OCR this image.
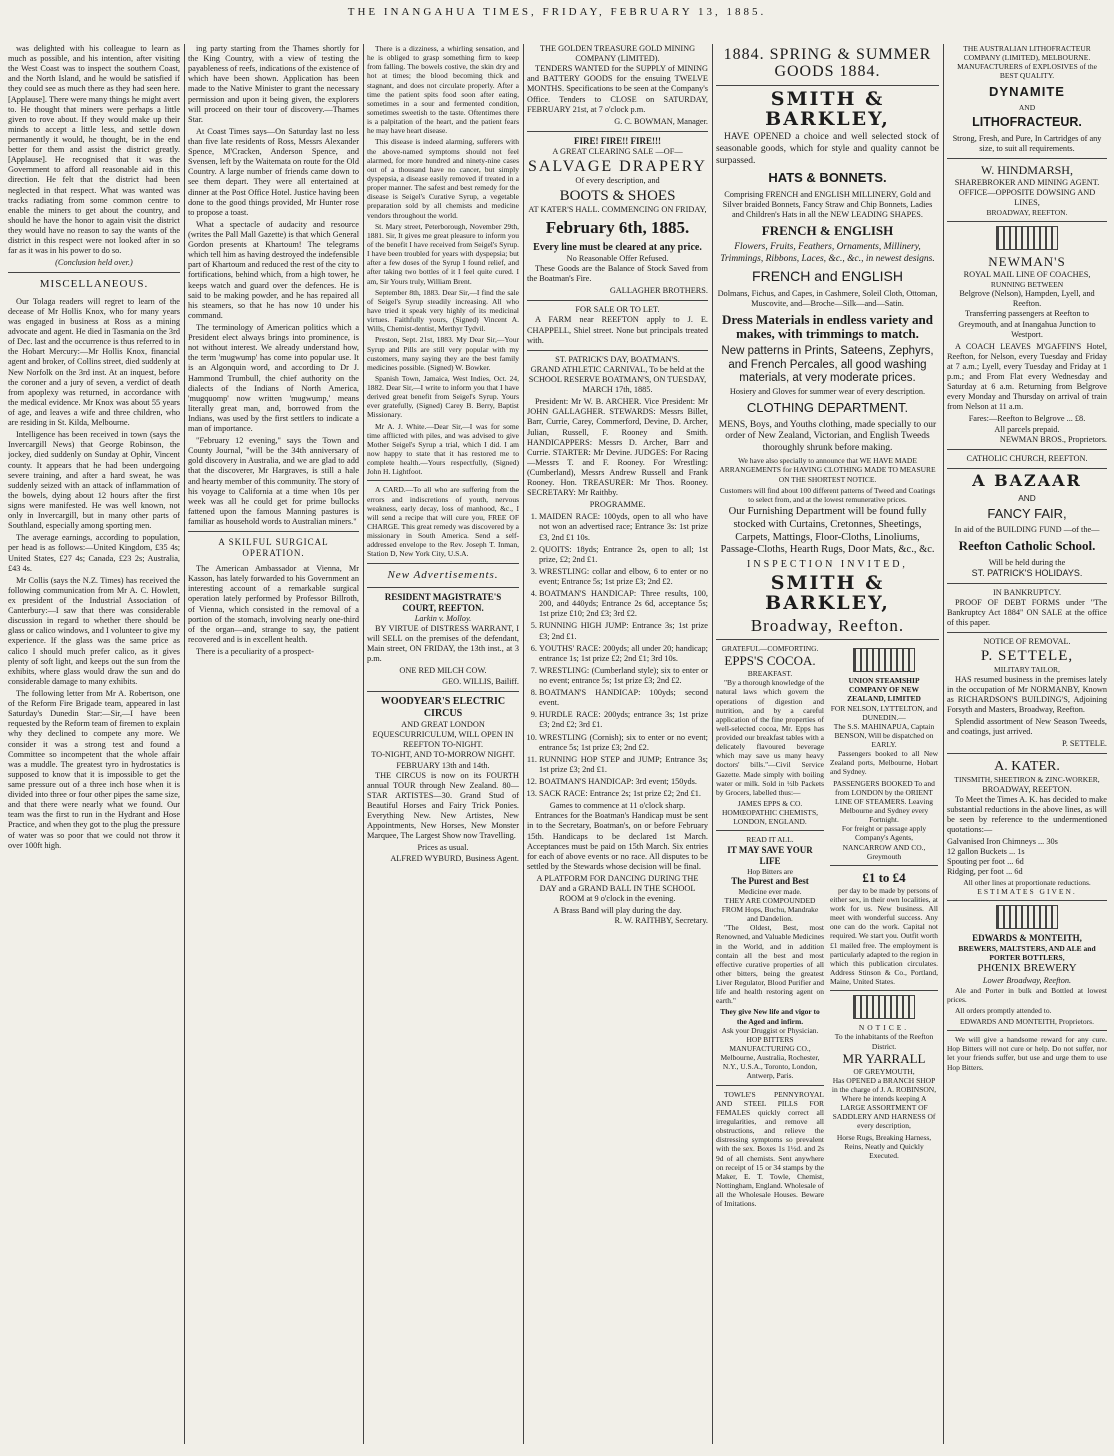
THE INANGAHUA TIMES, FRIDAY, FEBRUARY 13, 1885.

was delighted with his colleague to learn as much as possible, and his intention, after visiting the West Coast was to inspect the southern Coast, and the North Island, and he would be satisfied if they could see as much there as they had seen here. [Applause]. There were many things he might avert to. He thought that miners were perhaps a little given to rove about. If they would make up their minds to accept a little less, and settle down permanently it would, he thought, be in the end better for them and assist the district greatly. [Applause]. He recognised that it was the Government to afford all reasonable aid in this direction. He felt that the district had been neglected in that respect. What was wanted was tracks radiating from some common centre to enable the miners to get about the country, and should he have the honor to again visit the district they would have no reason to say the wants of the district in this respect were not looked after in so far as it was in his power to do so.

(Conclusion held over.)

MISCELLANEOUS.

Our Tolaga readers will regret to learn of the decease of Mr Hollis Knox, who for many years was engaged in business at Ross as a mining advocate and agent. He died in Tasmania on the 3rd of Dec. last and the occurrence is thus referred to in the Hobart Mercury:—Mr Hollis Knox, financial agent and broker, of Collins street, died suddenly at New Norfolk on the 3rd inst. At an inquest, before the coroner and a jury of seven, a verdict of death from apoplexy was returned, in accordance with the medical evidence. Mr Knox was about 55 years of age, and leaves a wife and three children, who are residing in St. Kilda, Melbourne.

Intelligence has been received in town (says the Invercargill News) that George Robinson, the jockey, died suddenly on Sunday at Ophir, Vincent county. It appears that he had been undergoing severe training, and after a hard sweat, he was suddenly seized with an attack of inflammation of the bowels, dying about 12 hours after the first signs were manifested. He was well known, not only in Invercargill, but in many other parts of Southland, especially among sporting men.

The average earnings, according to population, per head is as follows:—United Kingdom, £35 4s; United States, £27 4s; Canada, £23 2s; Australia, £43 4s.

Mr Collis (says the N.Z. Times) has received the following communication from Mr A. C. Howlett, ex president of the Industrial Association of Canterbury:—I saw that there was considerable discussion in regard to whether there should be glass or calico windows, and I volunteer to give my experience. If the glass was the same price as calico I should much prefer calico, as it gives plenty of soft light, and keeps out the sun from the exhibits, where glass would draw the sun and do considerable damage to many exhibits.

The following letter from Mr A. Robertson, one of the Reform Fire Brigade team, appeared in last Saturday's Dunedin Star:—Sir,—I have been requested by the Reform team of firemen to explain why they declined to compete any more. We consider it was a strong test and found a Committee so incompetent that the whole affair was a muddle. The greatest tyro in hydrostatics is supposed to know that it is impossible to get the same pressure out of a three inch hose when it is divided into three or four other pipes the same size, and that there were nearly what we found. Our team was the first to run in the Hydrant and Hose Practice, and when they got to the plug the pressure of water was so poor that we could not throw it over 100ft high.

ing party starting from the Thames shortly for the King Country, with a view of testing the payableness of reefs, indications of the existence of which have been shown. Application has been made to the Native Minister to grant the necessary permission and upon it being given, the explorers will proceed on their tour of discovery.—Thames Star.

At Coast Times says—On Saturday last no less than five late residents of Ross, Messrs Alexander Spence, M'Cracken, Anderson Spence, and Svensen, left by the Waitemata on route for the Old Country. A large number of friends came down to see them depart. They were all entertained at dinner at the Post Office Hotel. Justice having been done to the good things provided, Mr Hunter rose to propose a toast.

What a spectacle of audacity and resource (writes the Pall Mall Gazette) is that which General Gordon presents at Khartoum! The telegrams which tell him as having destroyed the indefensible part of Khartoum and reduced the rest of the city to fortifications, behind which, from a high tower, he keeps watch and guard over the defences. He is said to be making powder, and he has repaired all his steamers, so that he has now 10 under his command.

The terminology of American politics which a President elect always brings into prominence, is not without interest. We already understand how, the term 'mugwump' has come into popular use. It is an Algonquin word, and according to Dr J. Hammond Trumbull, the chief authority on the dialects of the Indians of North America, 'mugquomp' now written 'mugwump,' means literally great man, and, borrowed from the Indians, was used by the first settlers to indicate a man of importance.

"February 12 evening," says the Town and County Journal, "will be the 34th anniversary of gold discovery in Australia, and we are glad to add that the discoverer, Mr Hargraves, is still a hale and hearty member of this community. The story of his voyage to California at a time when 10s per week was all he could get for prime bullocks fattened upon the famous Manning pastures is familiar as household words to Australian miners."

A SKILFUL SURGICAL OPERATION.

The American Ambassador at Vienna, Mr Kasson, has lately forwarded to his Government an interesting account of a remarkable surgical operation lately performed by Professor Billroth, of Vienna, which consisted in the removal of a portion of the stomach, involving nearly one-third of the organ—and, strange to say, the patient recovered and is in excellent health.

There is a peculiarity of a prospect-

There is a dizziness, a whirling sensation, and he is obliged to grasp something firm to keep from falling. The bowels costive, the skin dry and hot at times; the blood becoming thick and stagnant, and does not circulate properly. After a time the patient spits food soon after eating, sometimes in a sour and fermented condition, sometimes sweetish to the taste. Oftentimes there is a palpitation of the heart, and the patient fears he may have heart disease.

This disease is indeed alarming, sufferers with the above-named symptoms should not feel alarmed, for more hundred and ninety-nine cases out of a thousand have no cancer, but simply dyspepsia, a disease easily removed if treated in a proper manner. The safest and best remedy for the disease is Seigel's Curative Syrup, a vegetable preparation sold by all chemists and medicine vendors throughout the world.

St. Mary street, Peterborough, November 29th, 1881. Sir, It gives me great pleasure to inform you of the benefit I have received from Seigel's Syrup. I have been troubled for years with dyspepsia; but after a few doses of the Syrup I found relief, and after taking two bottles of it I feel quite cured. I am, Sir Yours truly, William Brent.

September 8th, 1883. Dear Sir,—I find the sale of Seigel's Syrup steadily increasing. All who have tried it speak very highly of its medicinal virtues. Faithfully yours, (Signed) Vincent A. Wills, Chemist-dentist, Merthyr Tydvil.

Preston, Sept. 21st, 1883. My Dear Sir,—Your Syrup and Pills are still very popular with my customers, many saying they are the best family medicines possible. (Signed) W. Bowker.

Spanish Town, Jamaica, West Indies, Oct. 24, 1882. Dear Sir,—I write to inform you that I have derived great benefit from Seigel's Syrup. Yours ever gratefully, (Signed) Carey B. Berry, Baptist Missionary.

Mr A. J. White.—Dear Sir,—I was for some time afflicted with piles, and was advised to give Mother Seigel's Syrup a trial, which I did. I am now happy to state that it has restored me to complete health.—Yours respectfully, (Signed) John H. Lightfoot.

A CARD.—To all who are suffering from the errors and indiscretions of youth, nervous weakness, early decay, loss of manhood, &c., I will send a recipe that will cure you, FREE OF CHARGE. This great remedy was discovered by a missionary in South America. Send a self-addressed envelope to the Rev. Joseph T. Inman, Station D, New York City, U.S.A.

New Advertisements.
RESIDENT MAGISTRATE'S COURT, REEFTON.
Larkin v. Molloy.

BY VIRTUE of DISTRESS WARRANT, I will SELL on the premises of the defendant, Main street, ON FRIDAY, the 13th inst., at 3 p.m.

ONE RED MILCH COW.
GEO. WILLIS, Bailiff.
WOODYEAR'S ELECTRIC CIRCUS
AND GREAT LONDON EQUESCURRICULUM, WILL OPEN IN REEFTON TO-NIGHT.
TO-NIGHT, AND TO-MORROW NIGHT. FEBRUARY 13th and 14th.

THE CIRCUS is now on its FOURTH annual TOUR through New Zealand. 80—STAR ARTISTES—30. Grand Stud of Beautiful Horses and Fairy Trick Ponies. Everything New. New Artistes, New Appointments, New Horses, New Monster Marquee, The Largest Show now Travelling.

Prices as usual.
ALFRED WYBURD, Business Agent.
THE GOLDEN TREASURE GOLD MINING COMPANY (LIMITED).

TENDERS WANTED for the SUPPLY of MINING and BATTERY GOODS for the ensuing TWELVE MONTHS. Specifications to be seen at the Company's Office. Tenders to CLOSE on SATURDAY, FEBRUARY 21st, at 7 o'clock p.m.

G. C. BOWMAN, Manager.
FIRE! FIRE!! FIRE!!!
A GREAT CLEARING SALE —OF—
SALVAGE DRAPERY
Of every description, and
BOOTS & SHOES
AT KATER'S HALL. COMMENCING ON FRIDAY,
February 6th, 1885.
Every line must be cleared at any price.
No Reasonable Offer Refused.

These Goods are the Balance of Stock Saved from the Boatman's Fire.

GALLAGHER BROTHERS.
FOR SALE OR TO LET.

A FARM near REEFTON apply to J. E. CHAPPELL, Shiel street. None but principals treated with.

ST. PATRICK'S DAY, BOATMAN'S.

GRAND ATHLETIC CARNIVAL, To be held at the SCHOOL RESERVE BOATMAN'S, ON TUESDAY, MARCH 17th, 1885.

President: Mr W. B. ARCHER. Vice President: Mr JOHN GALLAGHER. STEWARDS: Messrs Billet, Barr, Currie, Carey, Commerford, Devine, D. Archer, Julian, Russell, F. Rooney and Smith. HANDICAPPERS: Messrs D. Archer, Barr and Currie. STARTER: Mr Devine. JUDGES: For Racing—Messrs T. and F. Rooney. For Wrestling: (Cumberland), Messrs Andrew Russell and Frank Rooney. Hon. TREASURER: Mr Thos. Rooney. SECRETARY: Mr Raithby.

PROGRAMME.
1. MAIDEN RACE: 100yds, open to all who have not won an advertised race; Entrance 3s: 1st prize £3, 2nd £1 10s.
2. QUOITS: 18yds; Entrance 2s, open to all; 1st prize, £2; 2nd £1.
3. WRESTLING: collar and elbow, 6 to enter or no event; Entrance 5s; 1st prize £3; 2nd £2.
4. BOATMAN'S HANDICAP: Three results, 100, 200, and 440yds; Entrance 2s 6d, acceptance 5s; 1st prize £10; 2nd £3; 3rd £2.
5. RUNNING HIGH JUMP: Entrance 3s; 1st prize £3; 2nd £1.
6. YOUTHS' RACE: 200yds; all under 20; handicap; entrance 1s; 1st prize £2; 2nd £1; 3rd 10s.
7. WRESTLING: (Cumberland style); six to enter or no event; entrance 5s; 1st prize £3; 2nd £2.
8. BOATMAN'S HANDICAP: 100yds; second event.
9. HURDLE RACE: 200yds; entrance 3s; 1st prize £3; 2nd £2; 3rd £1.
10. WRESTLING (Cornish); six to enter or no event; entrance 5s; 1st prize £3; 2nd £2.
11. RUNNING HOP STEP and JUMP; Entrance 3s; 1st prize £3; 2nd £1.
12. BOATMAN'S HANDICAP: 3rd event; 150yds.
13. SACK RACE: Entrance 2s; 1st prize £2; 2nd £1.
Games to commence at 11 o'clock sharp.

Entrances for the Boatman's Handicap must be sent in to the Secretary, Boatman's, on or before February 15th. Handicaps to be declared 1st March. Acceptances must be paid on 15th March. Six entries for each of above events or no race. All disputes to be settled by the Stewards whose decision will be final.

A PLATFORM FOR DANCING DURING THE DAY and a GRAND BALL IN THE SCHOOL ROOM at 9 o'clock in the evening.

A Brass Band will play during the day.
R. W. RAITHBY, Secretary.
1884. SPRING & SUMMER GOODS 1884.
SMITH & BARKLEY,

HAVE OPENED a choice and well selected stock of seasonable goods, which for style and quality cannot be surpassed.

HATS & BONNETS.

Comprising FRENCH and ENGLISH MILLINERY, Gold and Silver braided Bonnets, Fancy Straw and Chip Bonnets, Ladies and Children's Hats in all the NEW LEADING SHAPES.

FRENCH & ENGLISH

Flowers, Fruits, Feathers, Ornaments, Millinery, Trimmings, Ribbons, Laces, &c., &c., in newest designs.

FRENCH and ENGLISH

Dolmans, Fichus, and Capes, in Cashmere, Soleil Cloth, Ottoman, Muscovite, and—Broche—Silk—and—Satin.

Dress Materials in endless variety and makes, with trimmings to match.

New patterns in Prints, Sateens, Zephyrs, and French Percales, all good washing materials, at very moderate prices.

Hosiery and Gloves for summer wear of every description.

CLOTHING DEPARTMENT.

MENS, Boys, and Youths clothing, made specially to our order of New Zealand, Victorian, and English Tweeds thoroughly shrunk before making.

We have also specially to announce that WE HAVE MADE ARRANGEMENTS for HAVING CLOTHING MADE TO MEASURE ON THE SHORTEST NOTICE.

Customers will find about 100 different patterns of Tweed and Coatings to select from, and at the lowest remunerative prices.

Our Furnishing Department will be found fully stocked with Curtains, Cretonnes, Sheetings, Carpets, Mattings, Floor-Cloths, Linoliums, Passage-Cloths, Hearth Rugs, Door Mats, &c., &c.

INSPECTION INVITED,
SMITH & BARKLEY,
Broadway, Reefton.
GRATEFUL—COMFORTING.
EPPS'S COCOA.
BREAKFAST.

"By a thorough knowledge of the natural laws which govern the operations of digestion and nutrition, and by a careful application of the fine properties of well-selected cocoa, Mr. Epps has provided our breakfast tables with a delicately flavoured beverage which may save us many heavy doctors' bills."—Civil Service Gazette. Made simply with boiling water or milk. Sold in ½lb Packets by Grocers, labelled thus:—

JAMES EPPS & CO. HOMŒOPATHIC CHEMISTS, LONDON, ENGLAND.
READ IT ALL.
IT MAY SAVE YOUR LIFE
Hop Bitters are
The Purest and Best
Medicine ever made.
THEY ARE COMPOUNDED FROM Hops, Buchu, Mandrake and Dandelion.

"The Oldest, Best, most Renowned, and Valuable Medicines in the World, and in addition contain all the best and most effective curative properties of all other bitters, being the greatest Liver Regulator, Blood Purifier and life and health restoring agent on earth."

They give New life and vigor to the Aged and infirm.
Ask your Druggist or Physician.
HOP BITTERS MANUFACTURING CO., Melbourne, Australia, Rochester, N.Y., U.S.A., Toronto, London, Antwerp, Paris.

TOWLE'S PENNYROYAL AND STEEL PILLS FOR FEMALES quickly correct all irregularities, and remove all obstructions, and relieve the distressing symptoms so prevalent with the sex. Boxes 1s 1½d. and 2s 9d of all chemists. Sent anywhere on receipt of 15 or 34 stamps by the Maker, E. T. Towle, Chemist, Nottingham, England. Wholesale of all the Wholesale Houses. Beware of Imitations.

UNION STEAMSHIP COMPANY OF NEW ZEALAND, LIMITED
FOR NELSON, LYTTELTON, and DUNEDIN.—
The S.S. MAHINAPUA, Captain BENSON, Will be dispatched on EARLY.

Passengers booked to all New Zealand ports, Melbourne, Hobart and Sydney.

PASSENGERS BOOKED To and from LONDON by the ORIENT LINE OF STEAMERS. Leaving Melbourne and Sydney every Fortnight.
For freight or passage apply Company's Agents, NANCARROW AND CO., Greymouth
£1 to £4

per day to be made by persons of either sex, in their own localities, at work for us. New business. All meet with wonderful success. Any one can do the work. Capital not required. We start you. Outfit worth £1 mailed free. The employment is particularly adapted to the region in which this publication circulates. Address Stinson & Co., Portland, Maine, United States.

NOTICE.
To the inhabitants of the Reefton District.
MR YARRALL
OF GREYMOUTH,

Has OPENED a BRANCH SHOP in the charge of J. A. ROBINSON, Where he intends keeping A LARGE ASSORTMENT OF SADDLERY AND HARNESS Of every description,

Horse Rugs, Breaking Harness, Reins, Neatly and Quickly Executed.

THE AUSTRALIAN LITHOFRACTEUR COMPANY (LIMITED), MELBOURNE.

MANUFACTURERS of EXPLOSIVES of the BEST QUALITY.

DYNAMITE
AND
LITHOFRACTEUR.

Strong, Fresh, and Pure, In Cartridges of any size, to suit all requirements.

W. HINDMARSH,
SHAREBROKER AND MINING AGENT.
OFFICE—OPPOSITE DOWSING AND LINES,
BROADWAY, REEFTON.
NEWMAN'S
ROYAL MAIL LINE OF COACHES,
RUNNING BETWEEN
Belgrove (Nelson), Hampden, Lyell, and Reefton.

Transferring passengers at Reefton to Greymouth, and at Inangahua Junction to Westport.

A COACH LEAVES M'GAFFIN'S Hotel, Reefton, for Nelson, every Tuesday and Friday at 7 a.m.; Lyell, every Tuesday and Friday at 1 p.m.; and From Flat every Wednesday and Saturday at 6 a.m. Returning from Belgrove every Monday and Thursday on arrival of train from Nelson at 11 a.m.

Fares:—Reefton to Belgrove ... £8.
All parcels prepaid.
NEWMAN BROS., Proprietors.
CATHOLIC CHURCH, REEFTON.
A BAZAAR
AND
FANCY FAIR,
In aid of the BUILDING FUND —of the—
Reefton Catholic School.
Will be held during the
ST. PATRICK'S HOLIDAYS.
IN BANKRUPTCY.

PROOF OF DEBT FORMS under "The Bankruptcy Act 1884" ON SALE at the office of this paper.

NOTICE OF REMOVAL.
P. SETTELE,
MILITARY TAILOR,

HAS resumed business in the premises lately in the occupation of Mr NORMANBY, Known as RICHARDSON'S BUILDING'S, Adjoining Forsyth and Masters, Broadway, Reefton.

Splendid assortment of New Season Tweeds, and coatings, just arrived.

P. SETTELE.
A. KATER.
TINSMITH, SHEETIRON & ZINC-WORKER,
BROADWAY, REEFTON.

To Meet the Times A. K. has decided to make substantial reductions in the above lines, as will be seen by reference to the undermentioned quotations:—

Galvanised Iron Chimneys ... 30s
12 gallon Buckets ... 1s
Spouting per foot ... 6d
Ridging, per foot ... 6d
All other lines at proportionate reductions.
ESTIMATES GIVEN.
EDWARDS & MONTEITH,
BREWERS, MALTSTERS, AND ALE and PORTER BOTTLERS,
PHŒNIX BREWERY
Lower Broadway, Reefton.

Ale and Porter in bulk and Bottled at lowest prices.

All orders promptly attended to.

EDWARDS AND MONTEITH, Proprietors.

We will give a handsome reward for any cure. Hop Bitters will not cure or help. Do not suffer, nor let your friends suffer, but use and urge them to use Hop Bitters.
